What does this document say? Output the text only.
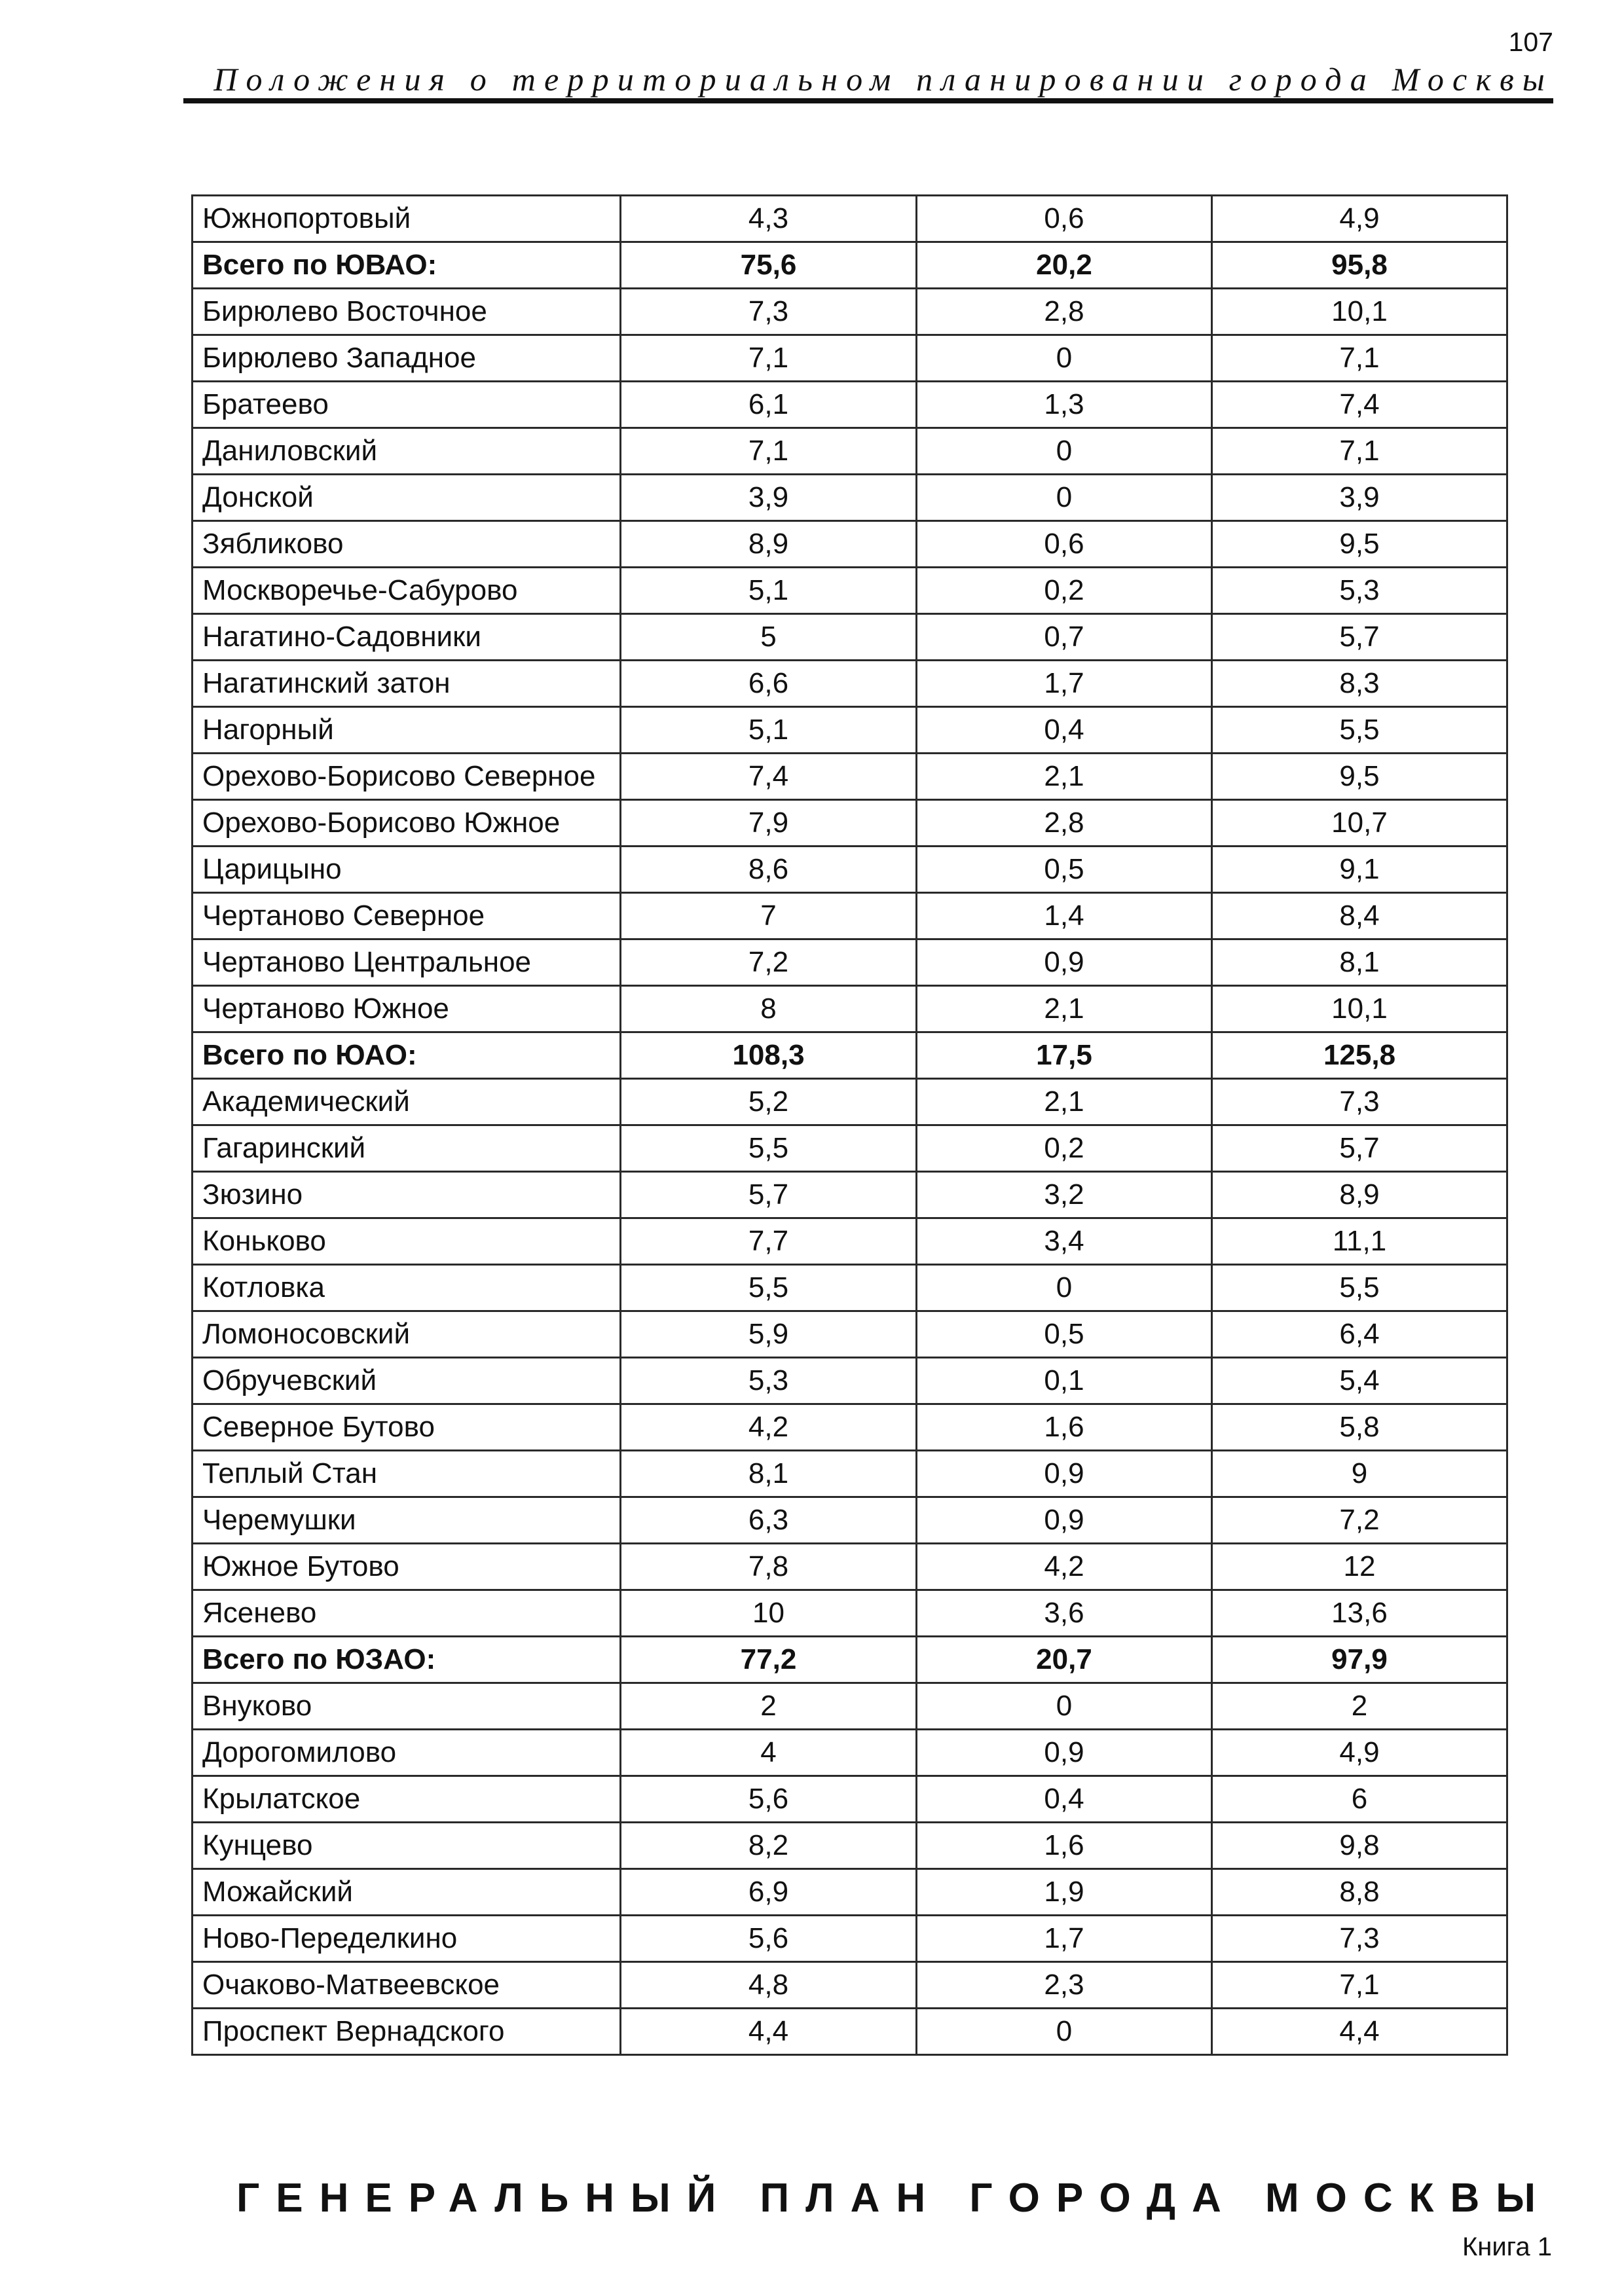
107
Положения о территориальном планировании города Москвы
Южнопортовый	4,3	0,6	4,9
Всего по ЮВАО:	75,6	20,2	95,8
Бирюлево Восточное	7,3	2,8	10,1
Бирюлево Западное	7,1	0	7,1
Братеево	6,1	1,3	7,4
Даниловский	7,1	0	7,1
Донской	3,9	0	3,9
Зябликово	8,9	0,6	9,5
Москворечье-Сабурово	5,1	0,2	5,3
Нагатино-Садовники	5	0,7	5,7
Нагатинский затон	6,6	1,7	8,3
Нагорный	5,1	0,4	5,5
Орехово-Борисово Северное	7,4	2,1	9,5
Орехово-Борисово Южное	7,9	2,8	10,7
Царицыно	8,6	0,5	9,1
Чертаново Северное	7	1,4	8,4
Чертаново Центральное	7,2	0,9	8,1
Чертаново Южное	8	2,1	10,1
Всего по ЮАО:	108,3	17,5	125,8
Академический	5,2	2,1	7,3
Гагаринский	5,5	0,2	5,7
Зюзино	5,7	3,2	8,9
Коньково	7,7	3,4	11,1
Котловка	5,5	0	5,5
Ломоносовский	5,9	0,5	6,4
Обручевский	5,3	0,1	5,4
Северное Бутово	4,2	1,6	5,8
Теплый Стан	8,1	0,9	9
Черемушки	6,3	0,9	7,2
Южное Бутово	7,8	4,2	12
Ясенево	10	3,6	13,6
Всего по ЮЗАО:	77,2	20,7	97,9
Внуково	2	0	2
Дорогомилово	4	0,9	4,9
Крылатское	5,6	0,4	6
Кунцево	8,2	1,6	9,8
Можайский	6,9	1,9	8,8
Ново-Переделкино	5,6	1,7	7,3
Очаково-Матвеевское	4,8	2,3	7,1
Проспект Вернадского	4,4	0	4,4
ГЕНЕРАЛЬНЫЙ ПЛАН ГОРОДА МОСКВЫ
Книга 1
